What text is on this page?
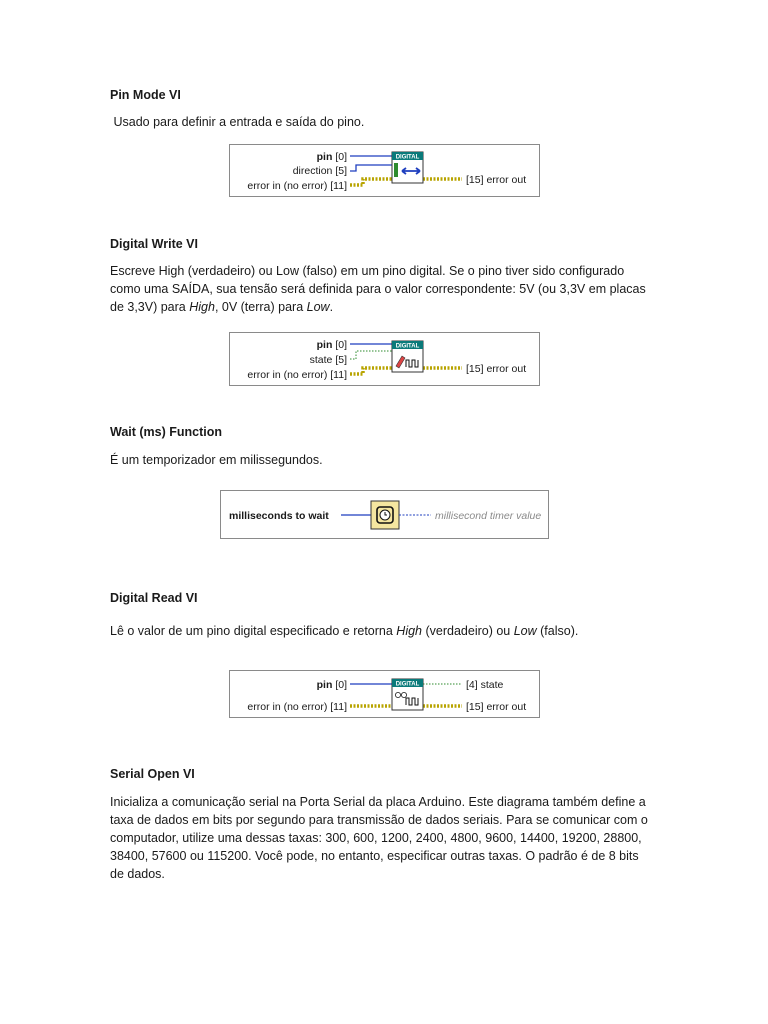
Pin Mode VI

Usado para definir a entrada e saída do pino.

pin [0]
direction [5]
error in (no error) [11]
DIGITAL
[15] error out
Digital Write VI

Escreve High (verdadeiro) ou Low (falso) em um pino digital. Se o pino tiver sido configurado como uma SAÍDA, sua tensão será definida para o valor correspondente: 5V (ou 3,3V em placas de 3,3V) para High, 0V (terra) para Low.

pin [0]
state [5]
error in (no error) [11]
DIGITAL
[15] error out
Wait (ms) Function

É um temporizador em milissegundos.

milliseconds to wait	millisecond timer value
Digital Read VI

Lê o valor de um pino digital especificado e retorna High (verdadeiro) ou Low (falso).

pin [0]
error in (no error) [11]
DIGITAL	[4] state
[15] error out
Serial Open VI

Inicializa a comunicação serial na Porta Serial da placa Arduino. Este diagrama também define a taxa de dados em bits por segundo para transmissão de dados seriais. Para se comunicar com o computador, utilize uma dessas taxas: 300, 600, 1200, 2400, 4800, 9600, 14400, 19200, 28800, 38400, 57600 ou 115200. Você pode, no entanto, especificar outras taxas. O padrão é de 8 bits de dados.
